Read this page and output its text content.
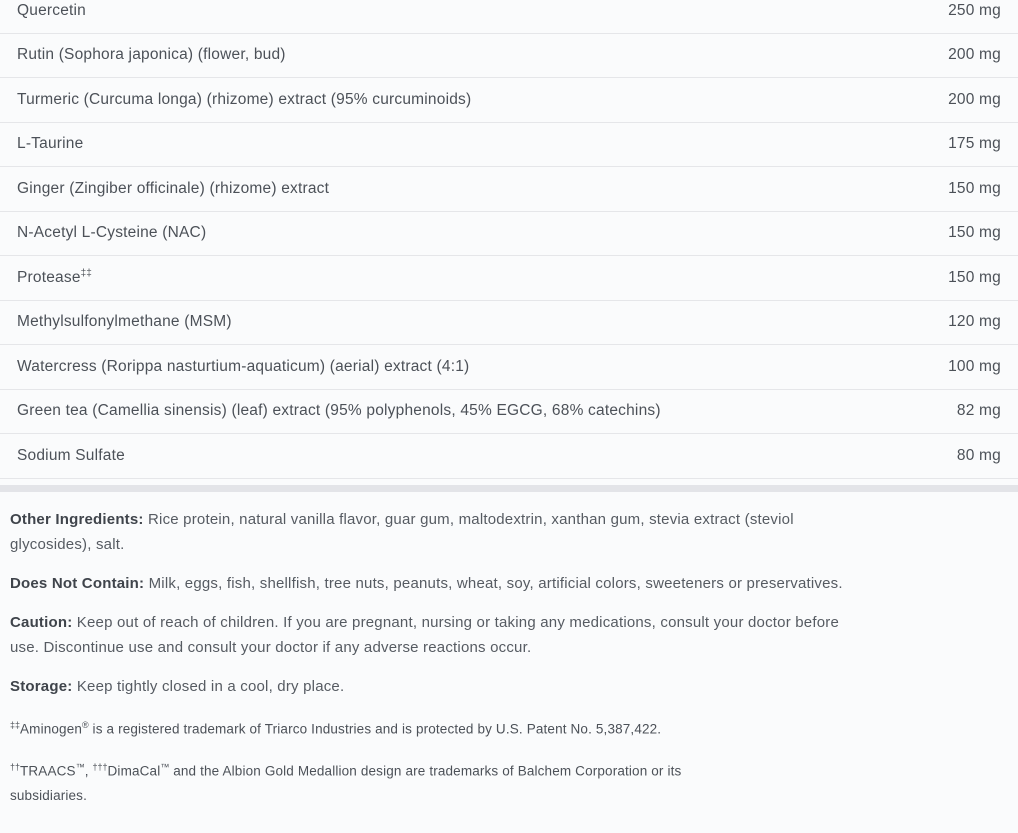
Quercetin	250 mg
Rutin (Sophora japonica) (flower, bud)	200 mg
Turmeric (Curcuma longa) (rhizome) extract (95% curcuminoids)	200 mg
L-Taurine	175 mg
Ginger (Zingiber officinale) (rhizome) extract	150 mg
N-Acetyl L-Cysteine (NAC)	150 mg
Protease‡‡	150 mg
Methylsulfonylmethane (MSM)	120 mg
Watercress (Rorippa nasturtium-aquaticum) (aerial) extract (4:1)	100 mg
Green tea (Camellia sinensis) (leaf) extract (95% polyphenols, 45% EGCG, 68% catechins)	82 mg
Sodium Sulfate	80 mg

Other Ingredients: Rice protein, natural vanilla flavor, guar gum, maltodextrin, xanthan gum, stevia extract (steviol glycosides), salt.

Does Not Contain: Milk, eggs, fish, shellfish, tree nuts, peanuts, wheat, soy, artificial colors, sweeteners or preservatives.

Caution: Keep out of reach of children. If you are pregnant, nursing or taking any medications, consult your doctor before use. Discontinue use and consult your doctor if any adverse reactions occur.

Storage: Keep tightly closed in a cool, dry place.

‡‡Aminogen® is a registered trademark of Triarco Industries and is protected by U.S. Patent No. 5,387,422.

††TRAACS™, †††DimaCal™ and the Albion Gold Medallion design are trademarks of Balchem Corporation or its subsidiaries.
